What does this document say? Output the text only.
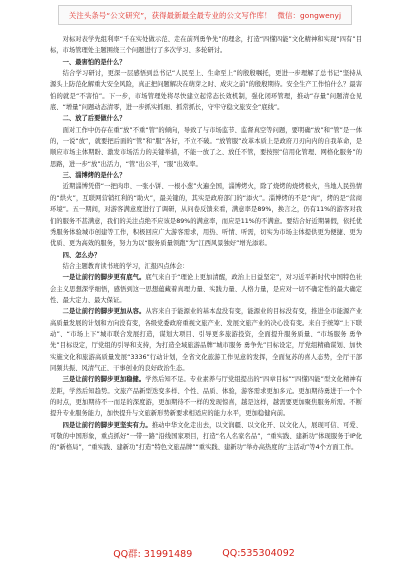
关注头条号“公文研究”，获得最新最全最专业的公文写作库！ 微信：gongwenyj

对标对表学先组利率“千在实处做示范、走在前列勇争先”的理念，打造“四懂四能”文化精神和实现“四有”目标，市场管理处主题围绕三个问题进行了多次学习、多轮研讨。

一、最害怕的是什么？

结合学习研讨，更深一层感悟到总书记“人民至上、生命至上”的殷殷嘱托，更进一步理解了总书记“坚持从源头上防范化解重大安全风险，真正把问题解决在萌芽之时、成灾之前”的殷殷期待。安全生产工作怕什么？最害怕的就是“不害怕”。下一步，市场管理处将尽快建立起常态长效机制，强化闭环管理，推动“存量”问题清仓见底、“增量”问题动态清零，进一步抓实抓细、抓常抓长，守牢守稳文旅安全“底线”。

二、放了后要做什么？

面对工作中仍存在重“放”不重“管”的倾向，导致了与市场监节、监督真空等问题，要明确“放”和“管”是一体的，一说“放”，就要把后面的“管”和“服”各好，不立不破。“放管服”改革本质上是政府刀刃向内的自我革命，是顺应市场主体期盼、激发市场活力的关键举措，不能一放了之、放任不管，要按照“信用化管理、网格化服务”的思路，进一步“放”出活力，“管”出公平，“服”出效率。

三、淄博烤的是什么？

近期淄博凭借“一把肉串、一张小饼、一根小葱”火遍全国，淄博烤火，除了烧烤的烧烤极火，当地人民热情的“烘火”，互联网营销红利的“助火”，最关键的，其实是政府部门的“添火”。淄博烤的不是“肉”，烤的是“营商环境”。五一期间，对游客满意度进行了调研，从问卷反馈来看，满意率是89%，换言之，仍有11%的游客对我们的服务不甚满意，我们的关注点绝不应该是89%的满意率，而应是11%的不满意。要结合好近期暑假，依托优秀服务体验城市创建等工作，积极回应广大游客需求，用热、听情、听需，切实为市场主体提供更为便捷、更为优质、更为高效的服务，努力为以“服务质量领跑”为“江西风景独好”增光添彩。

四、怎么办？

结合主题教育读书班的学习，汇报四点体会：

一是让前行的脚步更有底气。底气来自于“理论上更加清醒，政治上日益坚定”，对习近平新时代中国特色社会主义思想深学细悟，感悟到这一思想蕴藏着真理力量、实践力量、人格力量，是应对一切不确定性的最大确定性、最大定力、最大保证。

二是让前行的脚步更加从容。从容来自于能源业的基本盘没有变，能源业的目标没有变，推进全市能源产业高质量发展的计划和方向没有变，各级党委政府重视文旅产业、发展文旅产业的决心没有变。来自于统筹“上下联动”、“市场上下”城市联合发展打造，谋划大项目、引导更多旅游投资，全面提升服务质量、“市场服务 勇争先”目标设定，厅党组的引导和支持，为打造全域旅游品牌“城市服务 勇争先”目标设定，厅党组精确谋划、加快实施文化和旅游高质量发展“3336”行动计划，全省文化旅游工作见意的发挥，全面复苏的喜人态势，全厅干部同频共振、风清气正、干事创业的良好政治生态。

三是让前行的脚步更加稳健。学然后知不足。专业素养与厅党组提出的“四章目标”“四懂四能”型文化精神有差距，学然后知趋势。文旅产品新型迭变多样、个性、品质、体验，游客需求更加多元。更加期待勇进于一个个的时点，更加期待不一而足的深度游，更加期待不一样的发现惊喜，越是这样，越需要更加聚焦服务所需。不断提升专业服务能力，加快提升与文旅新形势新要求相适应的能力水平，更加稳健向前。

四是让前行的脚步更坚实有力。推动中华文化走出去，以文润疆、以文化开、以文化人，展现可信、可爱、可敬的中国形象，重点抓好“一带一路”沿线国家项目，打造“名人名家名品”，“重实践、建新功”体现服务于IP化的“新格局”，“重实践、建新功”打造“特色文旅品牌”“重实践、建新功”举办高热度的“主活动”等4个方面工作。

QQ群: 31991489	QQ:535304092
